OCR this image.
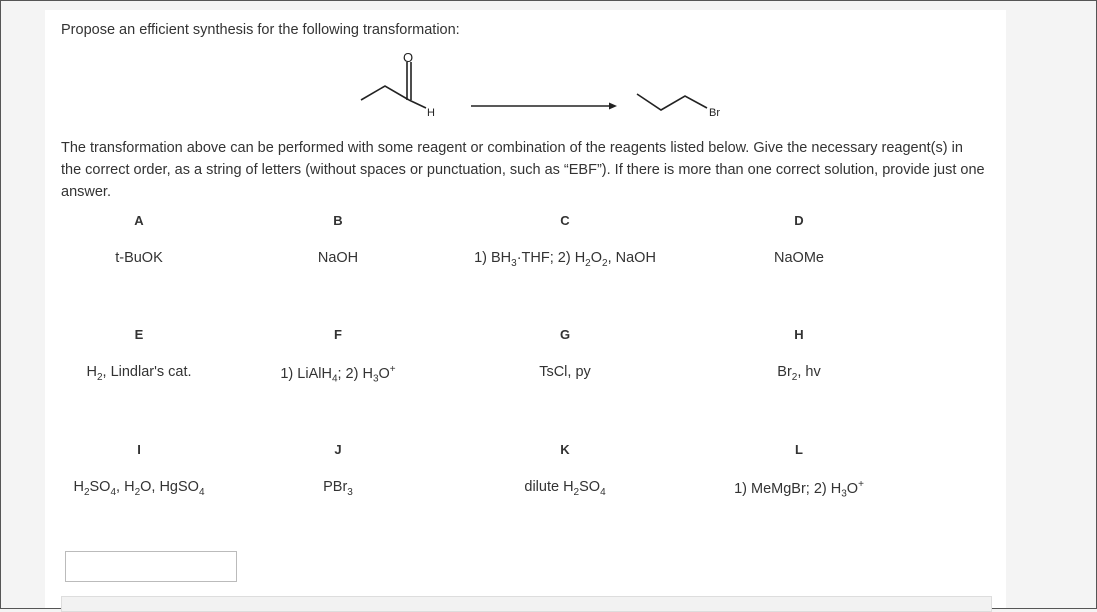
Propose an efficient synthesis for the following transformation:
O
H	Br
The transformation above can be performed with some reagent or combination of the reagents listed below. Give the necessary reagent(s) in the correct order, as a string of letters (without spaces or punctuation, such as “EBF”). If there is more than one correct solution, provide just one answer.
A
t-BuOK
B
NaOH
C
1) $BH_3\cdot THF$; 2) $H_2O_2$, NaOH
D
NaOMe
E
$H_2$, Lindlar's cat.
F
1) LiAlH$_4$; 2) $H_3O^+$
G
TsCl, py
H
$Br_2$, hv
I
$H_2SO_4$, $H_2O$, HgSO$_4$
J
PBr$_3$
K
dilute $H_2SO_4$
L
1) MeMgBr; 2) $H_3O^+$
